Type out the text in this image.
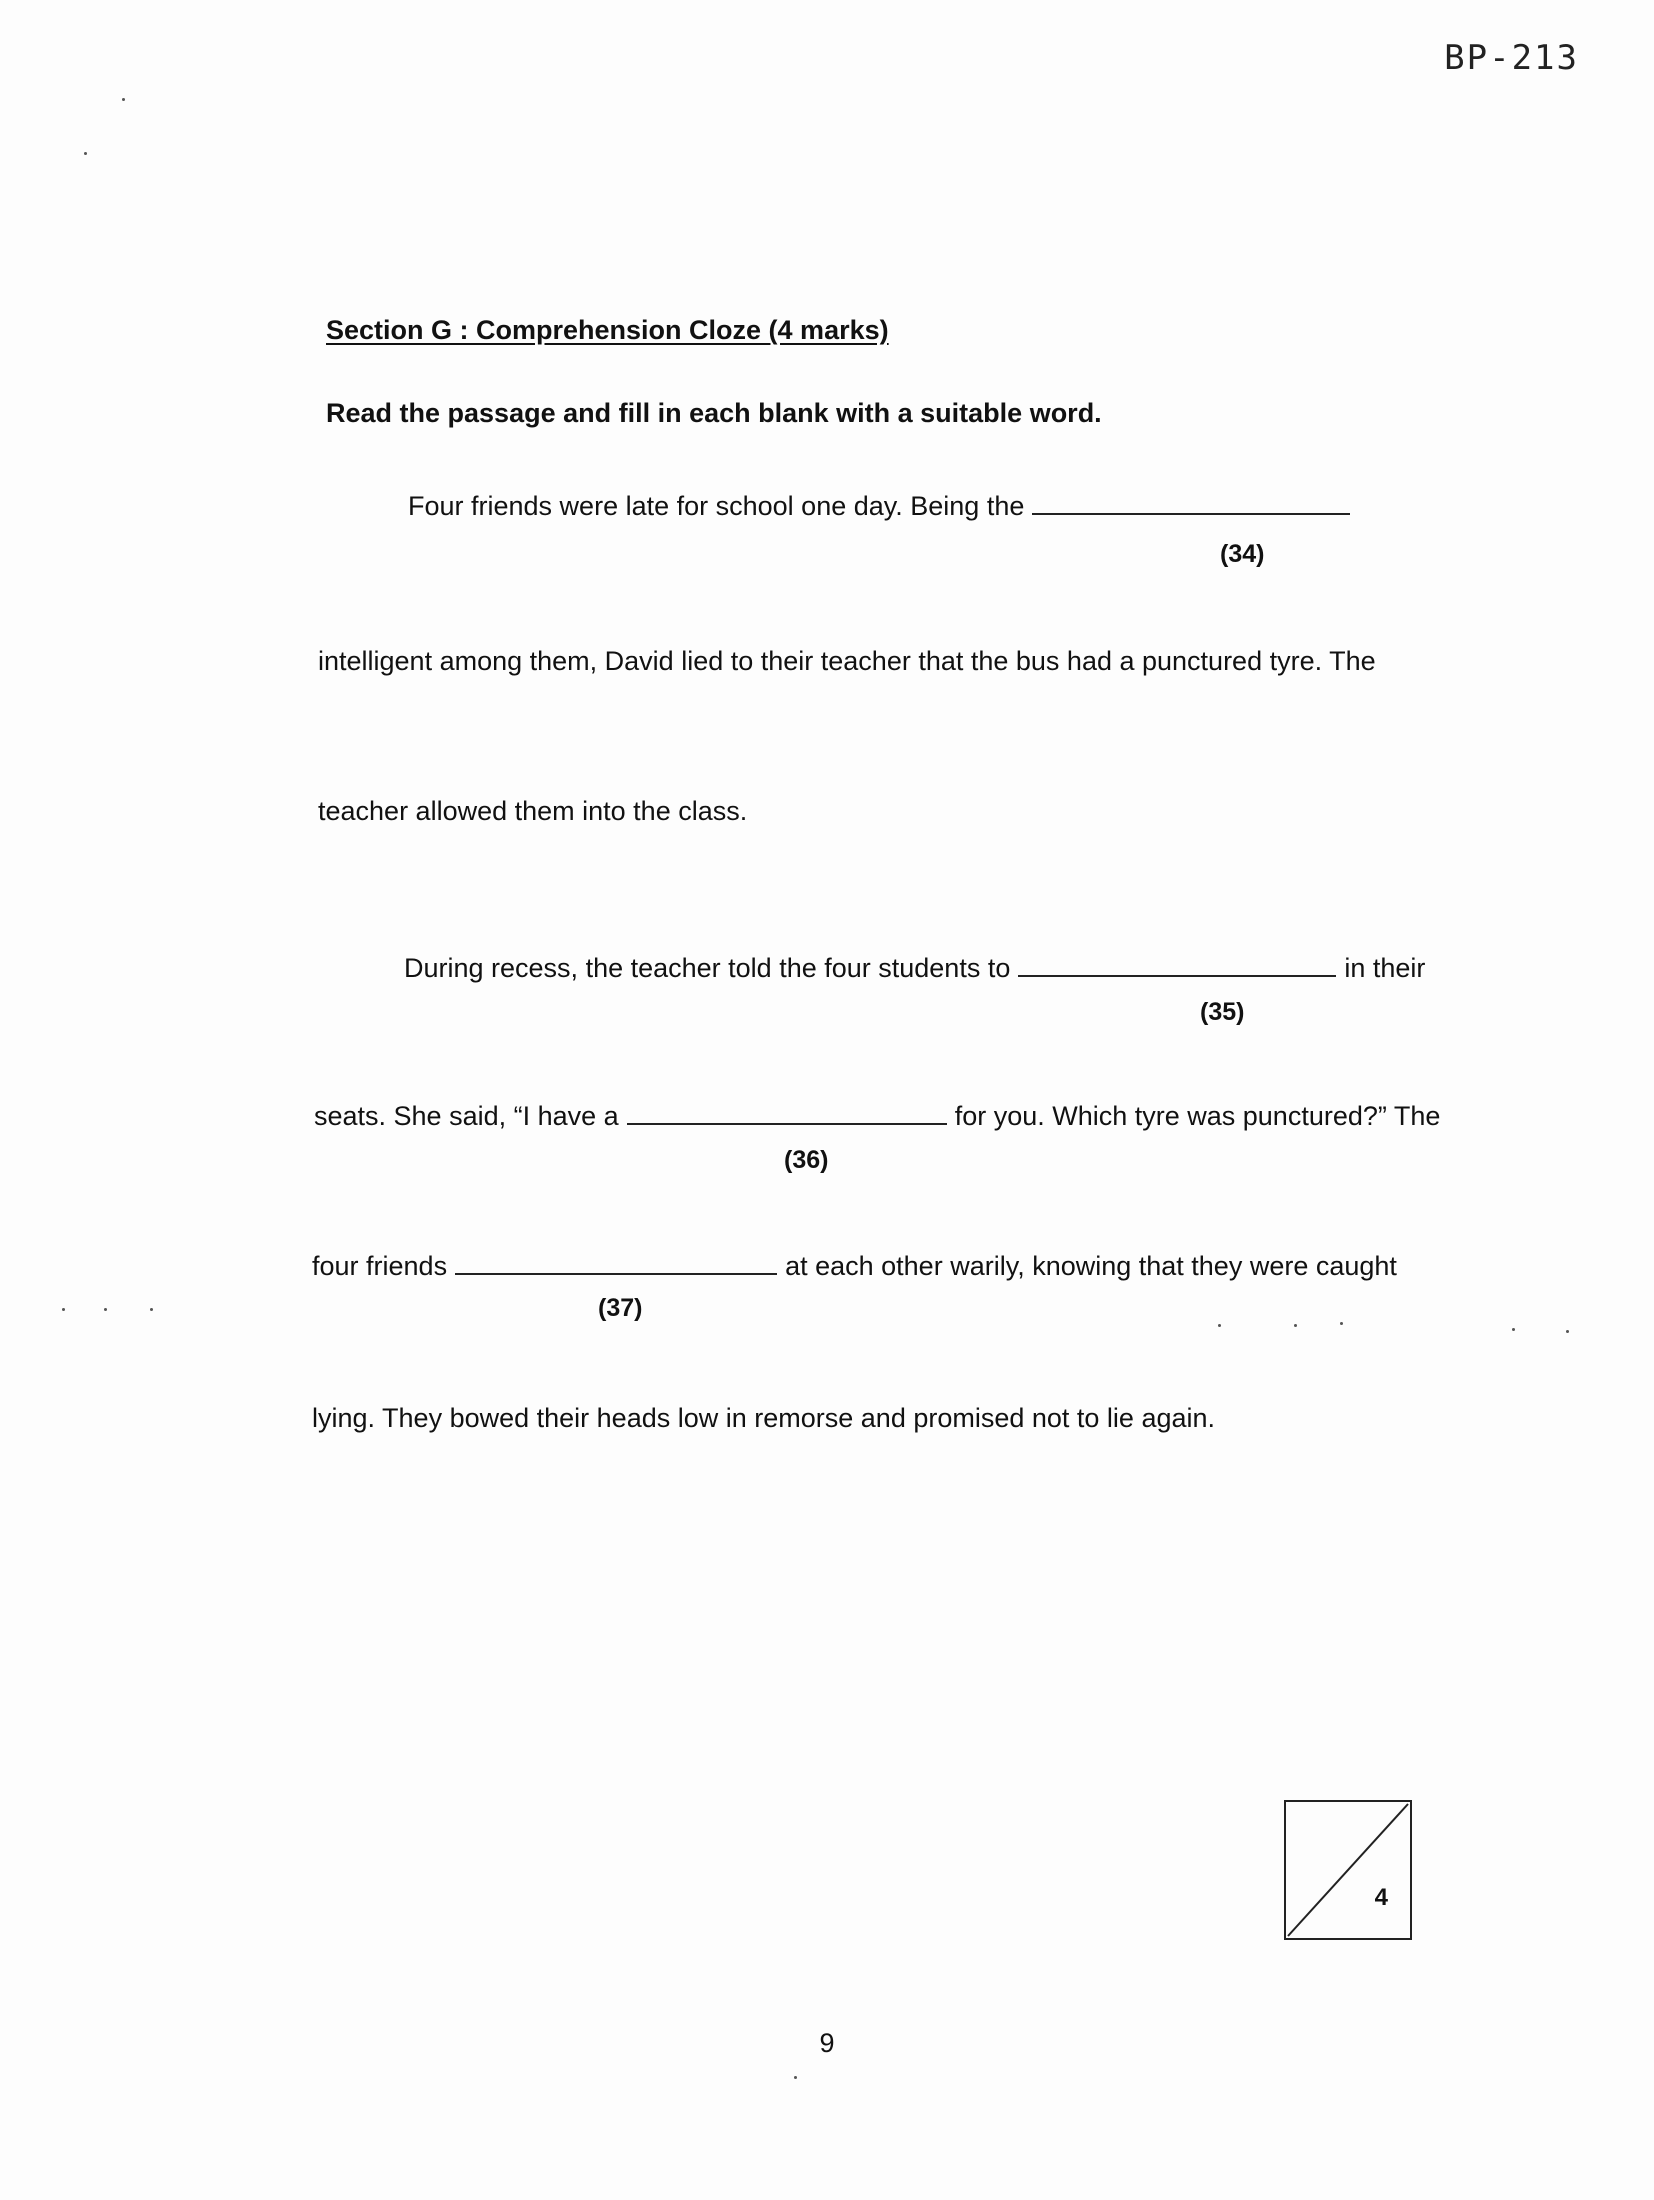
BP-213
Section G : Comprehension Cloze (4 marks)
Read the passage and fill in each blank with a suitable word.
Four friends were late for school one day. Being the
(34)
intelligent among them, David lied to their teacher that the bus had a punctured tyre. The
teacher allowed them into the class.
During recess, the teacher told the four students to	in their
(35)
seats. She said, “I have a	for you. Which tyre was punctured?” The
(36)
four friends	at each other warily, knowing that they were caught
(37)
lying. They bowed their heads low in remorse and promised not to lie again.
4
9
